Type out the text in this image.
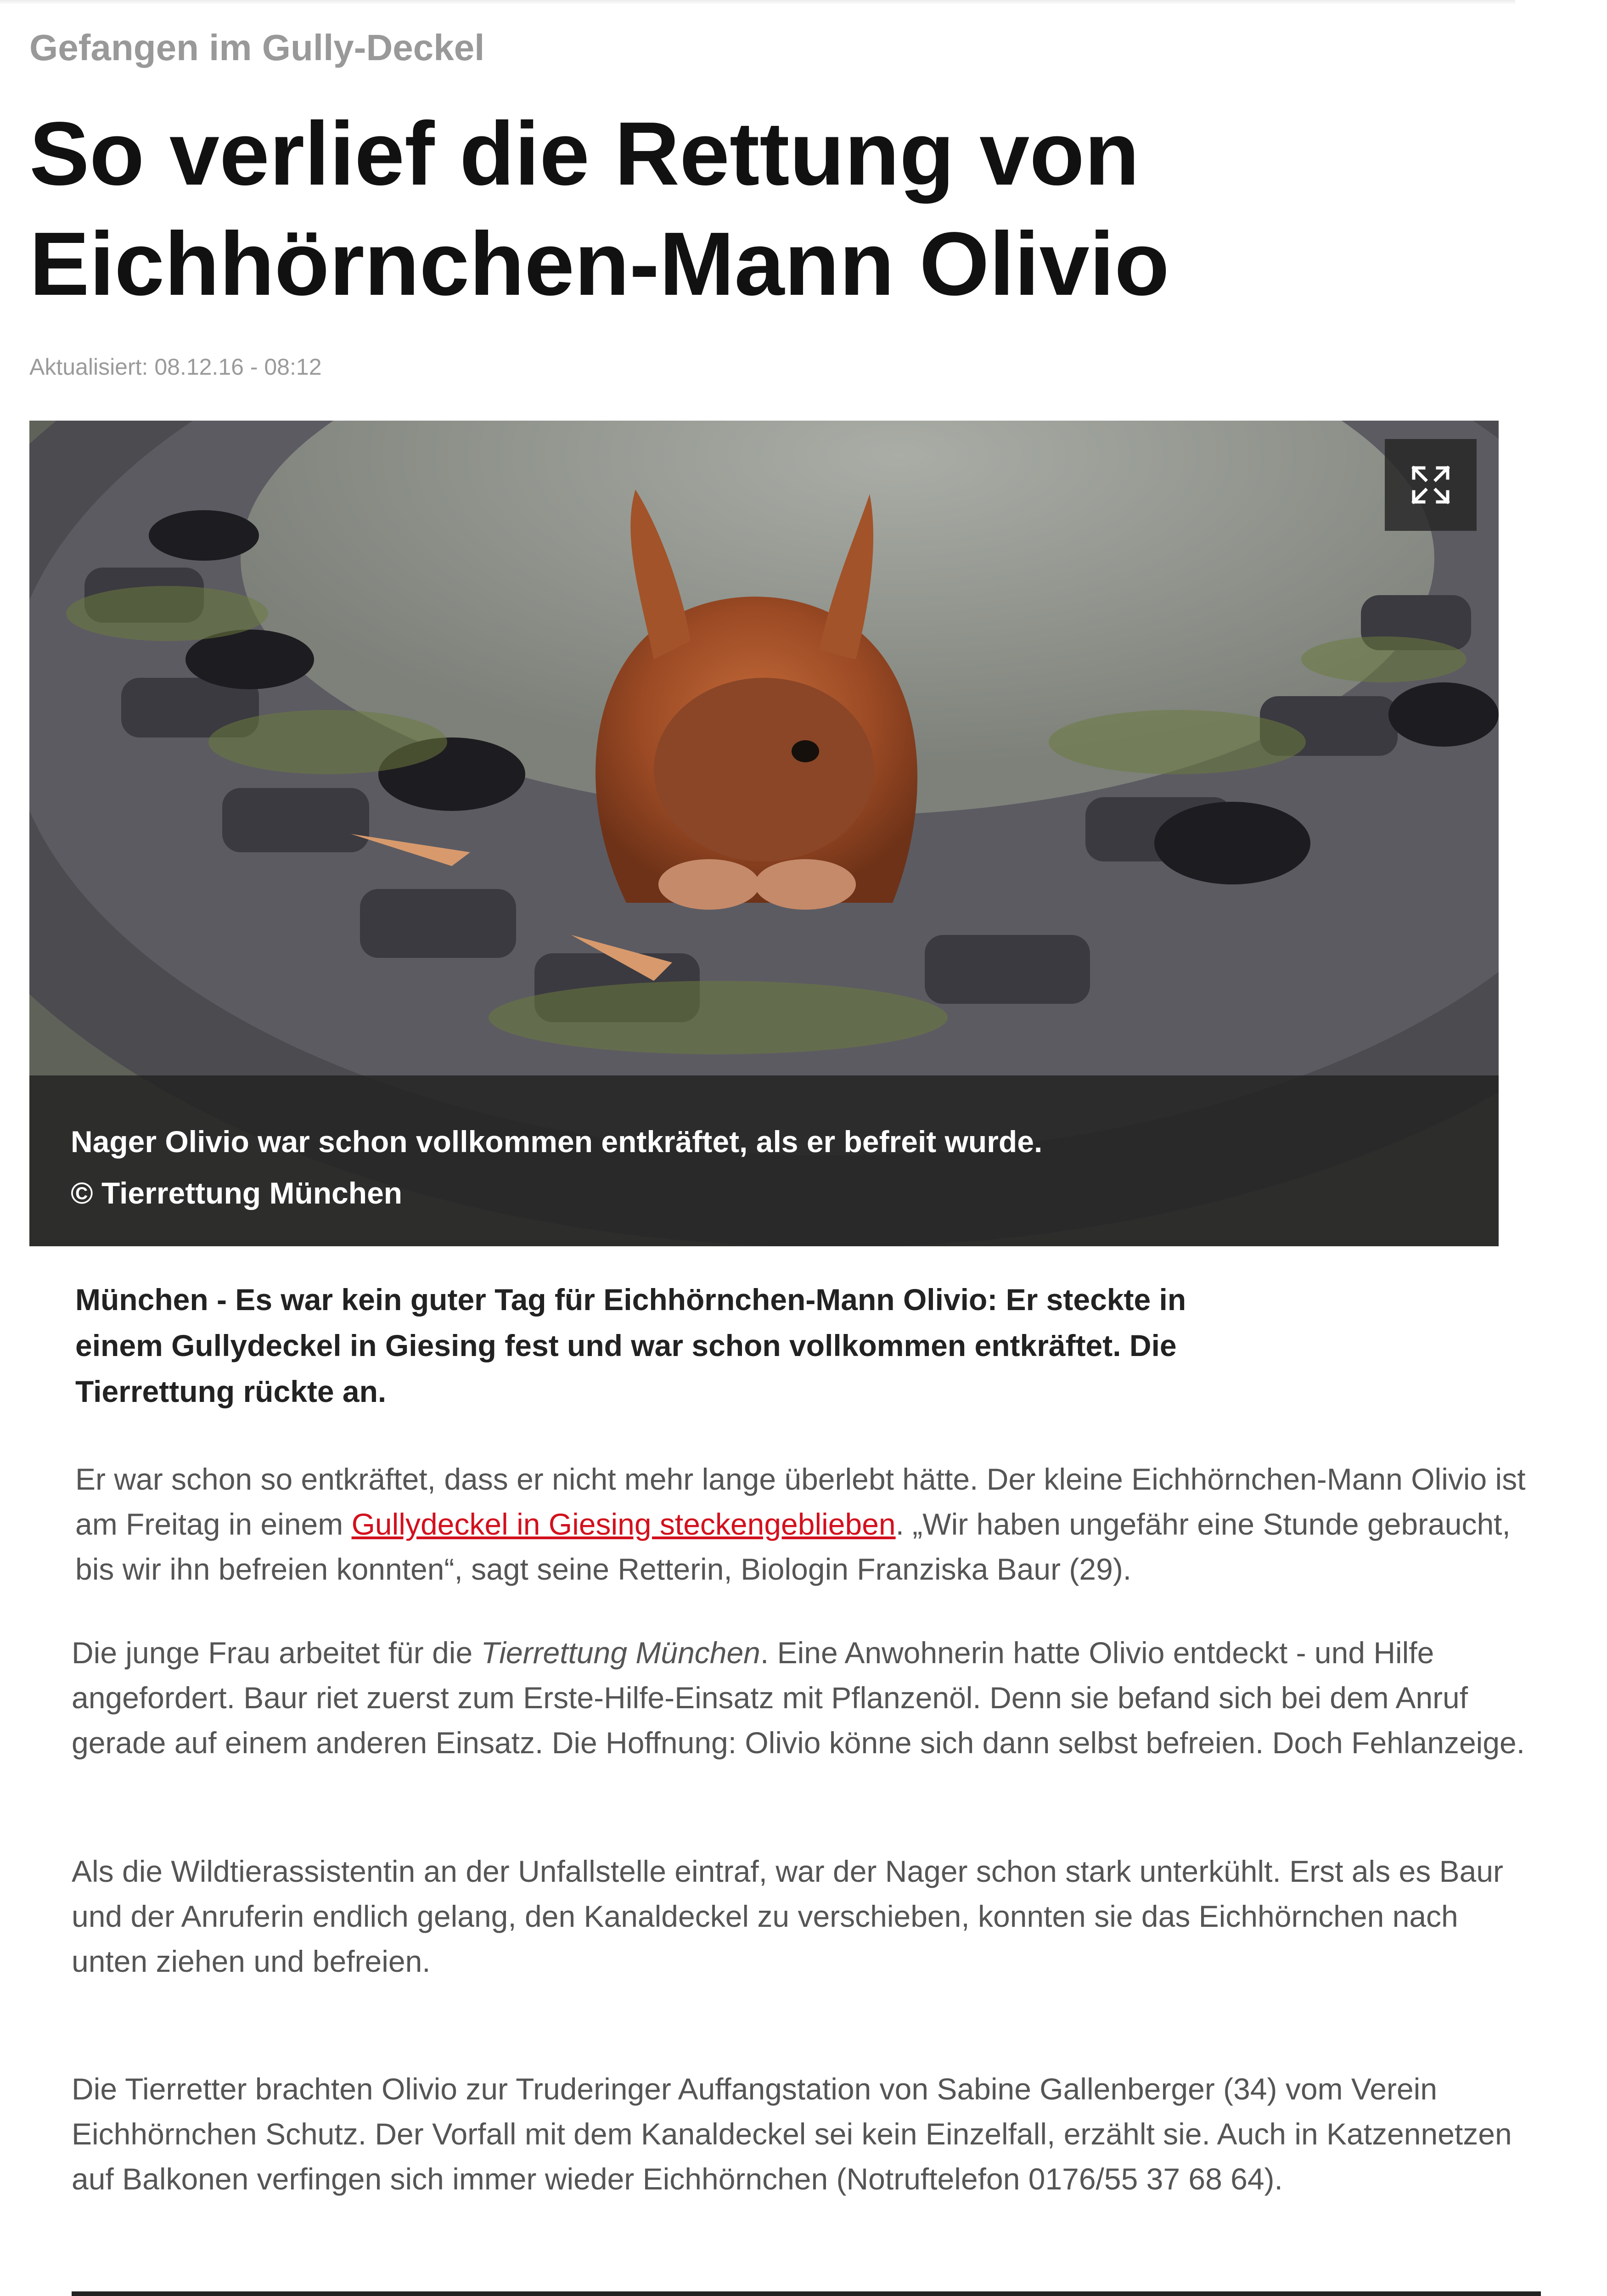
Gefangen im Gully-Deckel
So verlief die Rettung von Eichhörnchen-Mann Olivio
Aktualisiert: 08.12.16 - 08:12
Nager Olivio war schon vollkommen entkräftet, als er befreit wurde.
© Tierrettung München

München - Es war kein guter Tag für Eichhörnchen-Mann Olivio: Er steckte in einem Gullydeckel in Giesing fest und war schon vollkommen entkräftet. Die Tierrettung rückte an.

Er war schon so entkräftet, dass er nicht mehr lange überlebt hätte. Der kleine Eichhörnchen-Mann Olivio ist am Freitag in einem Gullydeckel in Giesing steckengeblieben. „Wir haben ungefähr eine Stunde gebraucht, bis wir ihn befreien konnten“, sagt seine Retterin, Biologin Franziska Baur (29).

Die junge Frau arbeitet für die Tierrettung München. Eine Anwohnerin hatte Olivio entdeckt - und Hilfe angefordert. Baur riet zuerst zum Erste-Hilfe-Einsatz mit Pflanzenöl. Denn sie befand sich bei dem Anruf gerade auf einem anderen Einsatz. Die Hoffnung: Olivio könne sich dann selbst befreien. Doch Fehlanzeige.

Als die Wildtierassistentin an der Unfallstelle eintraf, war der Nager schon stark unterkühlt. Erst als es Baur und der Anruferin endlich gelang, den Kanaldeckel zu verschieben, konnten sie das Eichhörnchen nach unten ziehen und befreien.

Die Tierretter brachten Olivio zur Truderinger Auffangstation von Sabine Gallenberger (34) vom Verein Eichhörnchen Schutz. Der Vorfall mit dem Kanaldeckel sei kein Einzelfall, erzählt sie. Auch in Katzennetzen auf Balkonen verfingen sich immer wieder Eichhörnchen (Notruftelefon 0176/55 37 68 64).
